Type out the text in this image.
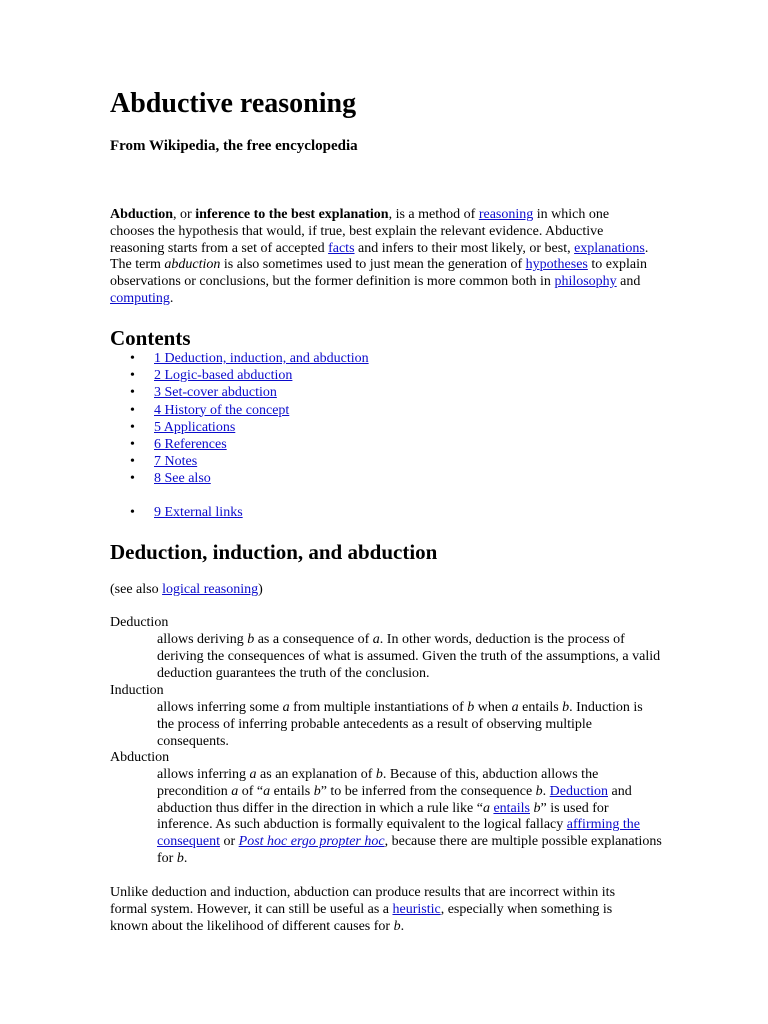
Abductive reasoning

From Wikipedia, the free encyclopedia

Abduction, or inference to the best explanation, is a method of reasoning in which one chooses the hypothesis that would, if true, best explain the relevant evidence. Abductive reasoning starts from a set of accepted facts and infers to their most likely, or best, explanations. The term abduction is also sometimes used to just mean the generation of hypotheses to explain observations or conclusions, but the former definition is more common both in philosophy and computing.

Contents
• 1 Deduction, induction, and abduction
• 2 Logic-based abduction
• 3 Set-cover abduction
• 4 History of the concept
• 5 Applications
• 6 References
• 7 Notes
• 8 See also
• 9 External links
Deduction, induction, and abduction

(see also logical reasoning)

Deduction

allows deriving b as a consequence of a. In other words, deduction is the process of deriving the consequences of what is assumed. Given the truth of the assumptions, a valid deduction guarantees the truth of the conclusion.

Induction

allows inferring some a from multiple instantiations of b when a entails b. Induction is the process of inferring probable antecedents as a result of observing multiple consequents.

Abduction

allows inferring a as an explanation of b. Because of this, abduction allows the precondition a of “a entails b” to be inferred from the consequence b. Deduction and abduction thus differ in the direction in which a rule like “a entails b” is used for inference. As such abduction is formally equivalent to the logical fallacy affirming the consequent or Post hoc ergo propter hoc, because there are multiple possible explanations for b.

Unlike deduction and induction, abduction can produce results that are incorrect within its formal system. However, it can still be useful as a heuristic, especially when something is known about the likelihood of different causes for b.
